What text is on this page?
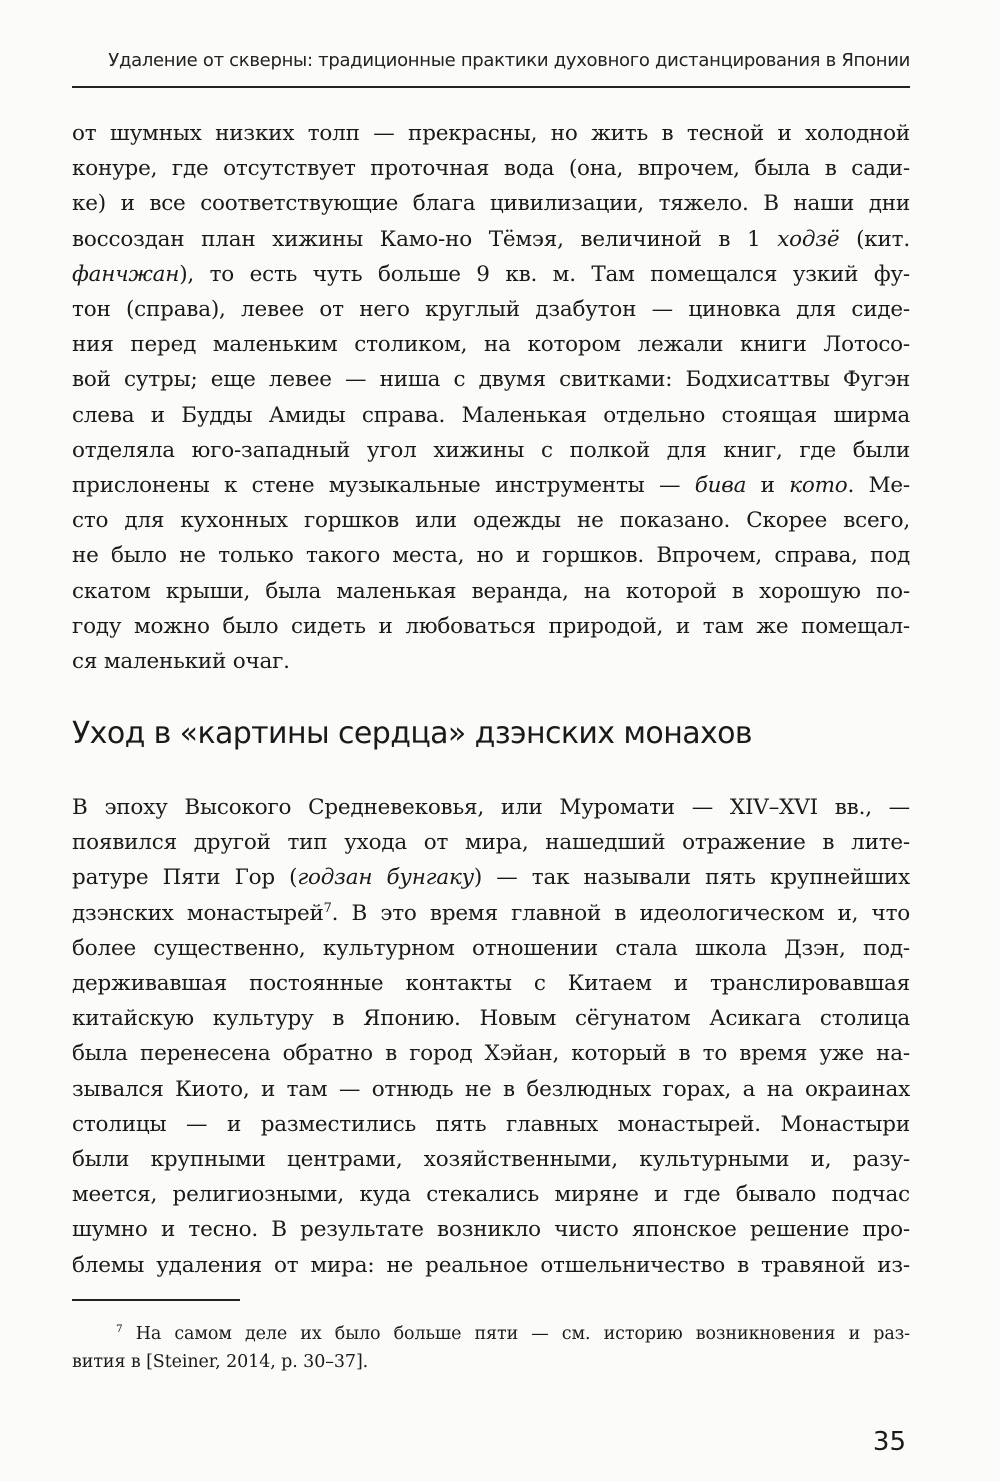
Удаление от скверны: традиционные практики духовного дистанцирования в Японии
от шумных низких толп — прекрасны, но жить в тесной и холодной
конуре, где отсутствует проточная вода (она, впрочем, была в сади-
ке) и все соответствующие блага цивилизации, тяжело. В наши дни
воссоздан план хижины Камо-но Тёмэя, величиной в 1 ходзё (кит.
фанчжан), то есть чуть больше 9 кв. м. Там помещался узкий фу-
тон (справа), левее от него круглый дзабутон — циновка для сиде-
ния перед маленьким столиком, на котором лежали книги Лотосо-
вой сутры; еще левее — ниша с двумя свитками: Бодхисаттвы Фугэн
слева и Будды Амиды справа. Маленькая отдельно стоящая ширма
отделяла юго-западный угол хижины с полкой для книг, где были
прислонены к стене музыкальные инструменты — бива и кото. Ме-
сто для кухонных горшков или одежды не показано. Скорее всего,
не было не только такого места, но и горшков. Впрочем, справа, под
скатом крыши, была маленькая веранда, на которой в хорошую по-
году можно было сидеть и любоваться природой, и там же помещал-
ся маленький очаг.
Уход в «картины сердца» дзэнских монахов
В эпоху Высокого Средневековья, или Муромати — XIV–XVI вв., —
появился другой тип ухода от мира, нашедший отражение в лите-
ратуре Пяти Гор (годзан бунгаку) — так называли пять крупнейших
дзэнских монастырей$^7$. В это время главной в идеологическом и, что
более существенно, культурном отношении стала школа Дзэн, под-
держивавшая постоянные контакты с Китаем и транслировавшая
китайскую культуру в Японию. Новым сёгунатом Асикага столица
была перенесена обратно в город Хэйан, который в то время уже на-
зывался Киото, и там — отнюдь не в безлюдных горах, а на окраинах
столицы — и разместились пять главных монастырей. Монастыри
были крупными центрами, хозяйственными, культурными и, разу-
меется, религиозными, куда стекались миряне и где бывало подчас
шумно и тесно. В результате возникло чисто японское решение про-
блемы удаления от мира: не реальное отшельничество в травяной из-
$^7$ На самом деле их было больше пяти — см. историю возникновения и раз-
вития в [Steiner, 2014, p. 30–37].
35
